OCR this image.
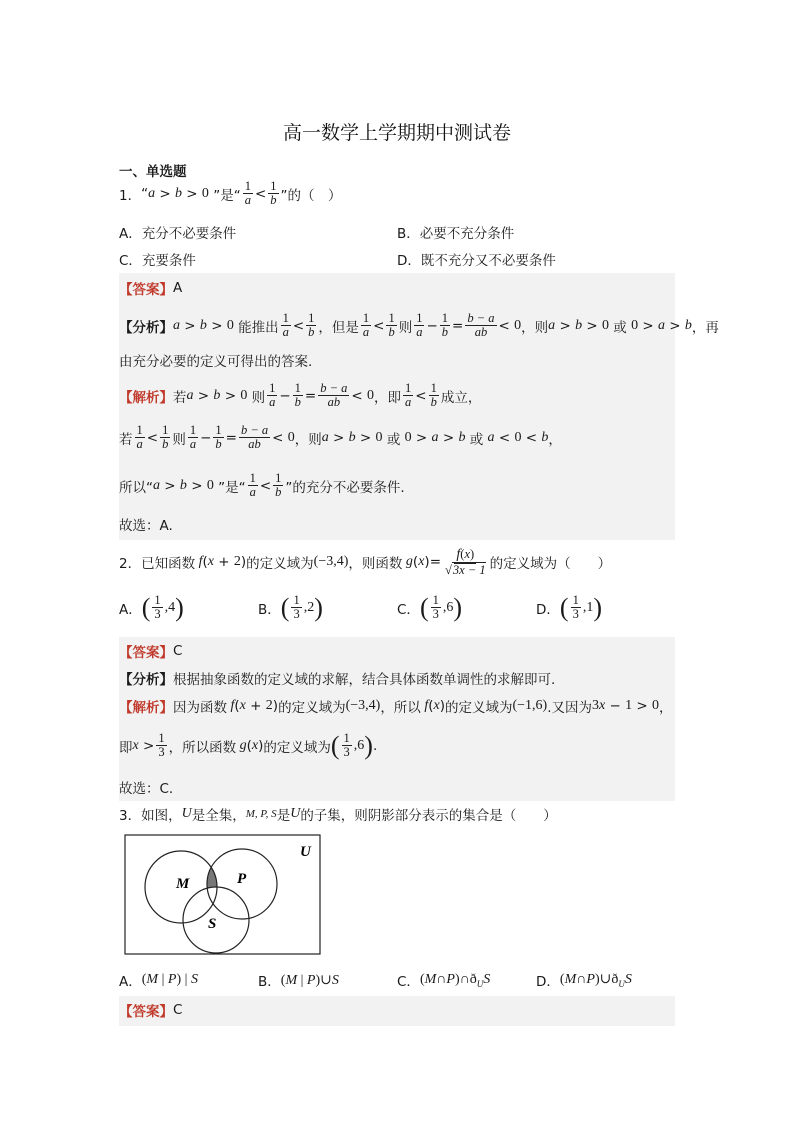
高一数学上学期期中测试卷
一、单选题
1． “ a > b > 0 ”是“ $\frac{1}{a} < \frac{1}{b}$ ”的（　）
A．充分不必要条件	B．必要不充分条件
C．充要条件	D．既不充分又不必要条件
【答案】 A
【分析】 a > b > 0 能推出 $\frac{1}{a} < \frac{1}{b}$ ，但是 $\frac{1}{a} < \frac{1}{b}$ 则 $\frac{1}{a} - \frac{1}{b} = \frac{b - a}{ab} < 0$ ，则 a > b > 0 或 0 > a > b ，再
由充分必要的定义可得出的答案.
【解析】 若 a > b > 0 则 $\frac{1}{a} - \frac{1}{b} = \frac{b - a}{ab} < 0$ ，即 $\frac{1}{a} < \frac{1}{b}$ 成立，
若 $\frac{1}{a} < \frac{1}{b}$ 则 $\frac{1}{a} - \frac{1}{b} = \frac{b - a}{ab} < 0$ ，则 a > b > 0 或 0 > a > b 或 a < 0 < b ，
所以“ a > b > 0 ”是“ $\frac{1}{a} < \frac{1}{b}$ ”的充分不必要条件.
故选：A.
2． 已知函数 f ( x + 2 ) 的定义域为 (−3,4) ，则函数 g ( x ) = $\frac{f(x)}{√3x - 1}$ 的定义域为（　　）
A． ( $\frac{1}{3} ,4$ )	B． ( $\frac{1}{3} ,2$ )	C． ( $\frac{1}{3} ,6$ )	D． ( $\frac{1}{3} ,1$ )
【答案】 C
【分析】 根据抽象函数的定义域的求解，结合具体函数单调性的求解即可.
【解析】 因为函数 f ( x + 2 ) 的定义域为 (−3,4) ，所以 f ( x ) 的定义域为 (−1,6) .又因为 3 x − 1 > 0 ，
即 $x > \frac{1}{3}$ ，所以函数 g ( x ) 的定义域为 ( $\frac{1}{3} ,6$ ) .
故选：C.
3． 如图， U 是全集， M, P, S 是 U 的子集，则阴影部分表示的集合是（　　）
U
M	P
S
A． (M | P) | S	B． (M | P)∪S	C． $(M\cap P)\cap ð_US$	D． $(M\cap P)\cup ð_US$
【答案】 C
